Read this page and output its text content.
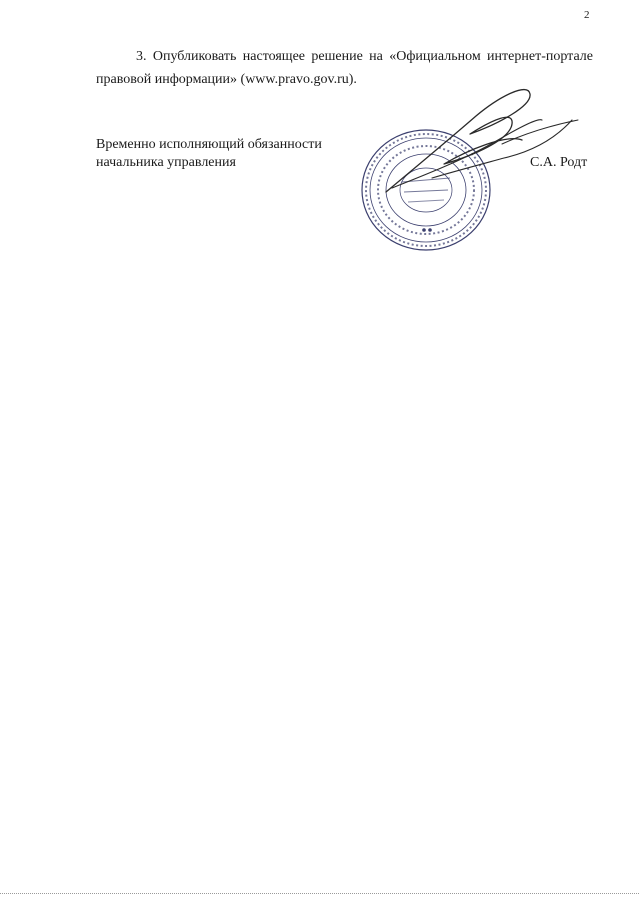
2

3. Опубликовать настоящее решение на «Официальном интернет-портале правовой информации» (www.pravo.gov.ru).

Временно исполняющий обязанности
начальника управления	С.А. Родт
